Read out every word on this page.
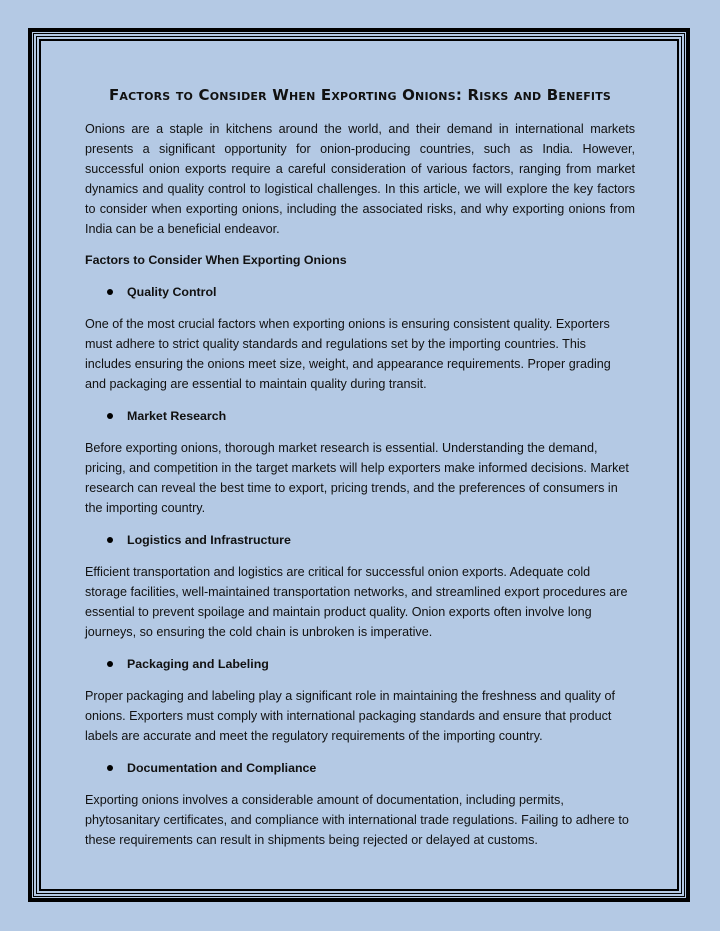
Factors to Consider When Exporting Onions: Risks and Benefits

Onions are a staple in kitchens around the world, and their demand in international markets presents a significant opportunity for onion-producing countries, such as India. However, successful onion exports require a careful consideration of various factors, ranging from market dynamics and quality control to logistical challenges. In this article, we will explore the key factors to consider when exporting onions, including the associated risks, and why exporting onions from India can be a beneficial endeavor.

Factors to Consider When Exporting Onions
Quality Control

One of the most crucial factors when exporting onions is ensuring consistent quality. Exporters must adhere to strict quality standards and regulations set by the importing countries. This includes ensuring the onions meet size, weight, and appearance requirements. Proper grading and packaging are essential to maintain quality during transit.

Market Research

Before exporting onions, thorough market research is essential. Understanding the demand, pricing, and competition in the target markets will help exporters make informed decisions. Market research can reveal the best time to export, pricing trends, and the preferences of consumers in the importing country.

Logistics and Infrastructure

Efficient transportation and logistics are critical for successful onion exports. Adequate cold storage facilities, well-maintained transportation networks, and streamlined export procedures are essential to prevent spoilage and maintain product quality. Onion exports often involve long journeys, so ensuring the cold chain is unbroken is imperative.

Packaging and Labeling

Proper packaging and labeling play a significant role in maintaining the freshness and quality of onions. Exporters must comply with international packaging standards and ensure that product labels are accurate and meet the regulatory requirements of the importing country.

Documentation and Compliance

Exporting onions involves a considerable amount of documentation, including permits, phytosanitary certificates, and compliance with international trade regulations. Failing to adhere to these requirements can result in shipments being rejected or delayed at customs.
